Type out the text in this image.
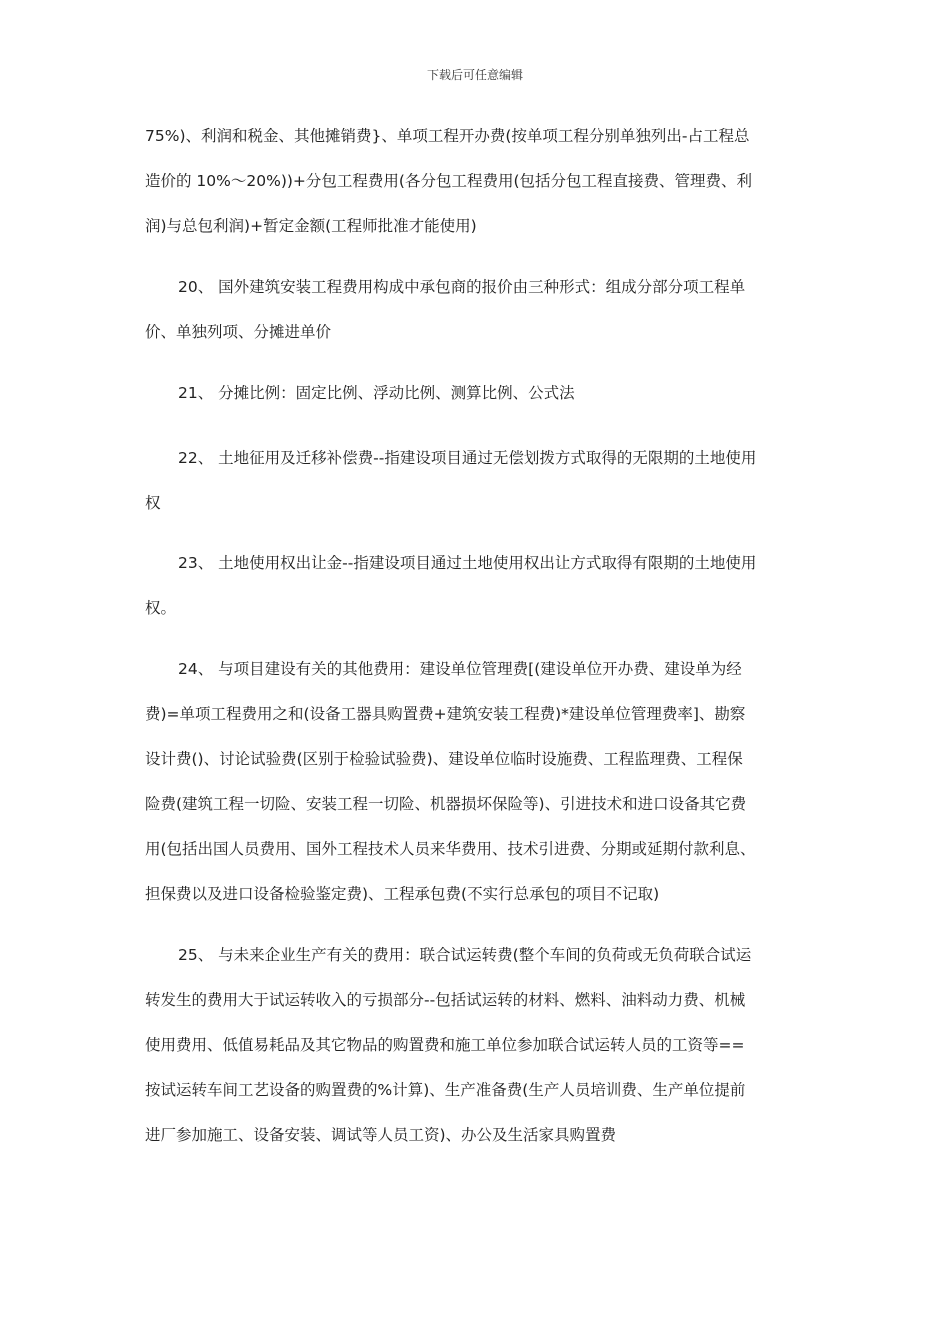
下载后可任意编辑
75%)、利润和税金、其他摊销费}、单项工程开办费(按单项工程分别单独列出-占工程总
造价的 10%～20%))+分包工程费用(各分包工程费用(包括分包工程直接费、管理费、利
润)与总包利润)+暂定金额(工程师批准才能使用)
20、 国外建筑安装工程费用构成中承包商的报价由三种形式：组成分部分项工程单
价、单独列项、分摊进单价
21、 分摊比例：固定比例、浮动比例、测算比例、公式法
22、 土地征用及迁移补偿费--指建设项目通过无偿划拨方式取得的无限期的土地使用
权
23、 土地使用权出让金--指建设项目通过土地使用权出让方式取得有限期的土地使用
权。
24、 与项目建设有关的其他费用：建设单位管理费[(建设单位开办费、建设单为经
费)=单项工程费用之和(设备工器具购置费+建筑安装工程费)*建设单位管理费率]、勘察
设计费()、讨论试验费(区别于检验试验费)、建设单位临时设施费、工程监理费、工程保
险费(建筑工程一切险、安装工程一切险、机器损坏保险等)、引进技术和进口设备其它费
用(包括出国人员费用、国外工程技术人员来华费用、技术引进费、分期或延期付款利息、
担保费以及进口设备检验鉴定费)、工程承包费(不实行总承包的项目不记取)
25、 与未来企业生产有关的费用：联合试运转费(整个车间的负荷或无负荷联合试运
转发生的费用大于试运转收入的亏损部分--包括试运转的材料、燃料、油料动力费、机械
使用费用、低值易耗品及其它物品的购置费和施工单位参加联合试运转人员的工资等==
按试运转车间工艺设备的购置费的%计算)、生产准备费(生产人员培训费、生产单位提前
进厂参加施工、设备安装、调试等人员工资)、办公及生活家具购置费
